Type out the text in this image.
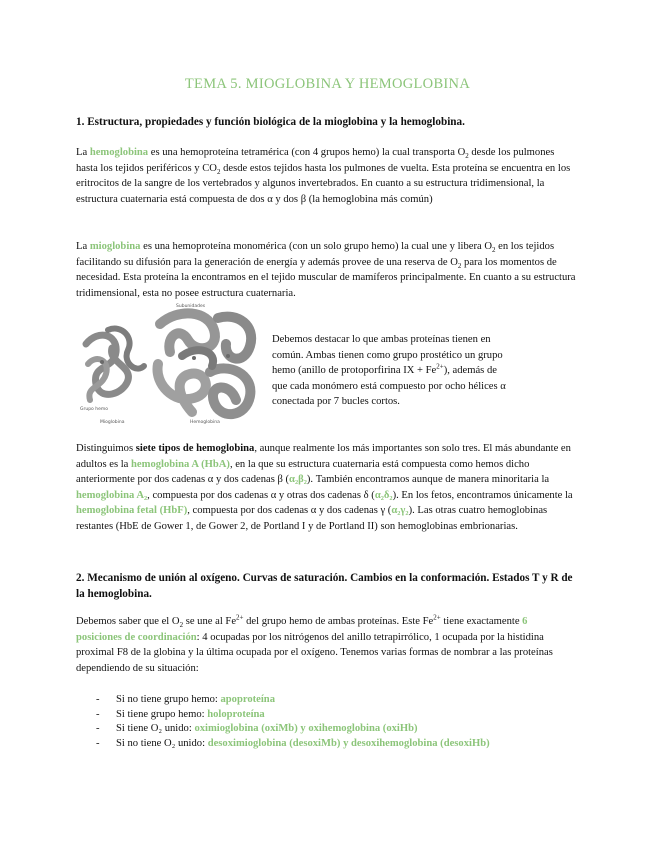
TEMA 5. MIOGLOBINA Y HEMOGLOBINA
1. Estructura, propiedades y función biológica de la mioglobina y la hemoglobina.
La hemoglobina es una hemoproteína tetramérica (con 4 grupos hemo) la cual transporta $O_2$ desde los pulmones hasta los tejidos periféricos y $CO_2$ desde estos tejidos hasta los pulmones de vuelta. Esta proteína se encuentra en los eritrocitos de la sangre de los vertebrados y algunos invertebrados. En cuanto a su estructura tridimensional, la estructura cuaternaria está compuesta de dos α y dos β (la hemoglobina más común)
La mioglobina es una hemoproteína monomérica (con un solo grupo hemo) la cual une y libera $O_2$ en los tejidos facilitando su difusión para la generación de energía y además provee de una reserva de $O_2$ para los momentos de necesidad. Esta proteína la encontramos en el tejido muscular de mamíferos principalmente. En cuanto a su estructura tridimensional, esta no posee estructura cuaternaria.
Mioglobina	Hemoglobina
Grupo hemo
Subunidades
Debemos destacar lo que ambas proteínas tienen en común. Ambas tienen como grupo prostético un grupo hemo (anillo de protoporfirina IX + $Fe^{2+}$), además de que cada monómero está compuesto por ocho hélices α conectada por 7 bucles cortos.
Distinguimos siete tipos de hemoglobina, aunque realmente los más importantes son solo tres. El más abundante en adultos es la hemoglobina A (HbA), en la que su estructura cuaternaria está compuesta como hemos dicho anteriormente por dos cadenas α y dos cadenas β (α₂β₂). También encontramos aunque de manera minoritaria la hemoglobina A₂, compuesta por dos cadenas α y otras dos cadenas δ (α₂δ₂). En los fetos, encontramos únicamente la hemoglobina fetal (HbF), compuesta por dos cadenas α y dos cadenas γ (α₂γ₂). Las otras cuatro hemoglobinas restantes (HbE de Gower 1, de Gower 2, de Portland I y de Portland II) son hemoglobinas embrionarias.
2. Mecanismo de unión al oxígeno. Curvas de saturación. Cambios en la conformación. Estados T y R de la hemoglobina.
Debemos saber que el $O_2$ se une al $Fe^{2+}$ del grupo hemo de ambas proteínas. Este $Fe^{2+}$ tiene exactamente 6 posiciones de coordinación: 4 ocupadas por los nitrógenos del anillo tetrapirrólico, 1 ocupada por la histidina proximal F8 de la globina y la última ocupada por el oxígeno. Tenemos varias formas de nombrar a las proteínas dependiendo de su situación:
- Si no tiene grupo hemo: apoproteína
- Si tiene grupo hemo: holoproteína
- Si tiene O₂ unido: oximioglobina (oxiMb) y oxihemoglobina (oxiHb)
- Si no tiene O₂ unido: desoximioglobina (desoxiMb) y desoxihemoglobina (desoxiHb)
